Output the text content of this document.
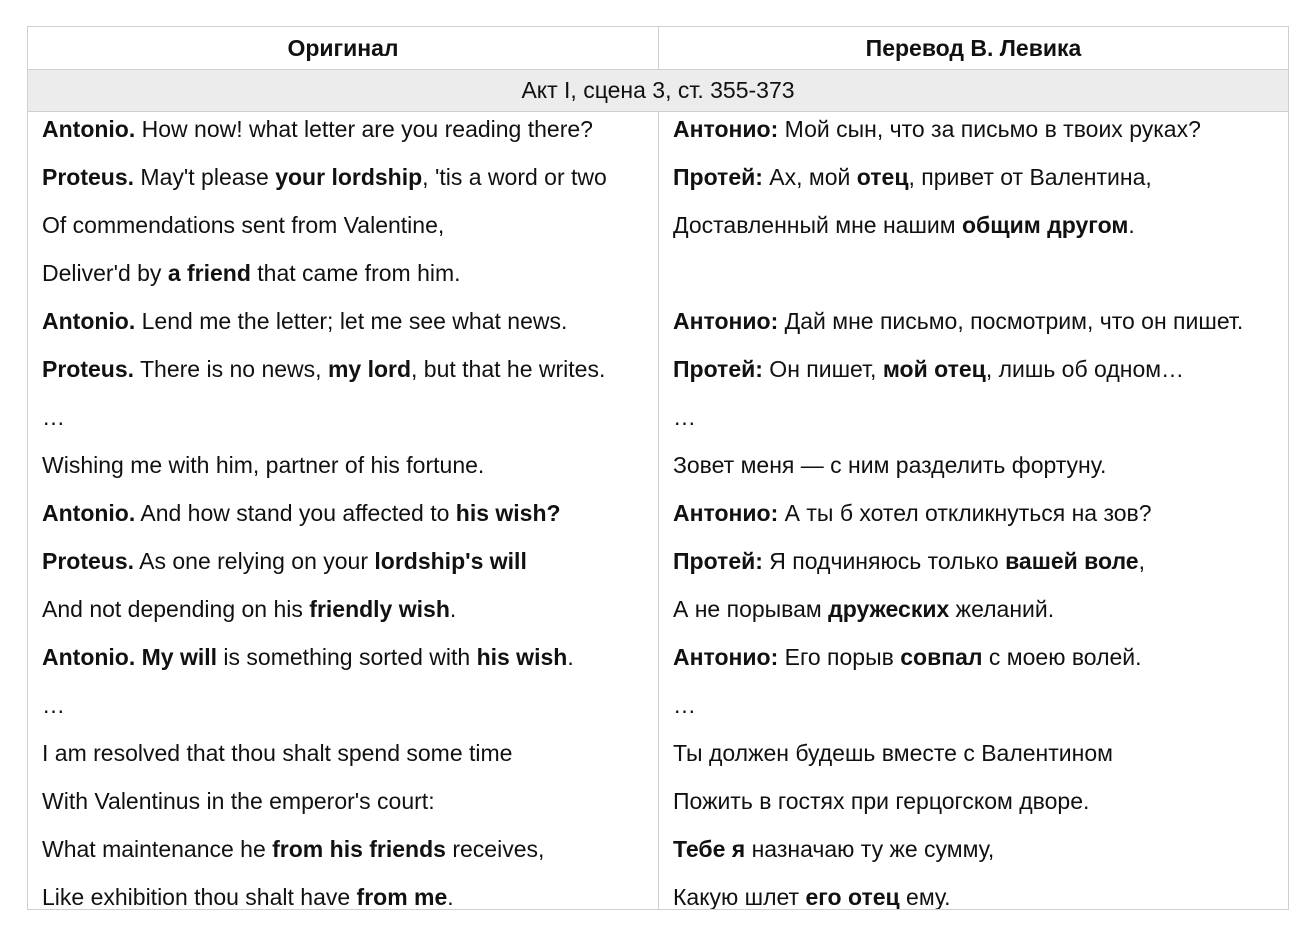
Оригинал	Перевод В. Левика
Акт I, сцена 3, ст. 355-373
Antonio. How now! what letter are you reading there?
Proteus. May't please your lordship, 'tis a word or two
Of commendations sent from Valentine,
Deliver'd by a friend that came from him.
Antonio. Lend me the letter; let me see what news.
Proteus. There is no news, my lord, but that he writes.
…
Wishing me with him, partner of his fortune.
Antonio. And how stand you affected to his wish?
Proteus. As one relying on your lordship's will
And not depending on his friendly wish.
Antonio. My will is something sorted with his wish.
…
I am resolved that thou shalt spend some time
With Valentinus in the emperor's court:
What maintenance he from his friends receives,
Like exhibition thou shalt have from me.
Антонио: Мой сын, что за письмо в твоих руках?
Протей: Ах, мой отец, привет от Валентина,
Доставленный мне нашим общим другом.
Антонио: Дай мне письмо, посмотрим, что он пишет.
Протей: Он пишет, мой отец, лишь об одном…
…
Зовет меня — с ним разделить фортуну.
Антонио: А ты б хотел откликнуться на зов?
Протей: Я подчиняюсь только вашей воле,
А не порывам дружеских желаний.
Антонио: Его порыв совпал с моею волей.
…
Ты должен будешь вместе с Валентином
Пожить в гостях при герцогском дворе.
Тебе я назначаю ту же сумму,
Какую шлет его отец ему.
